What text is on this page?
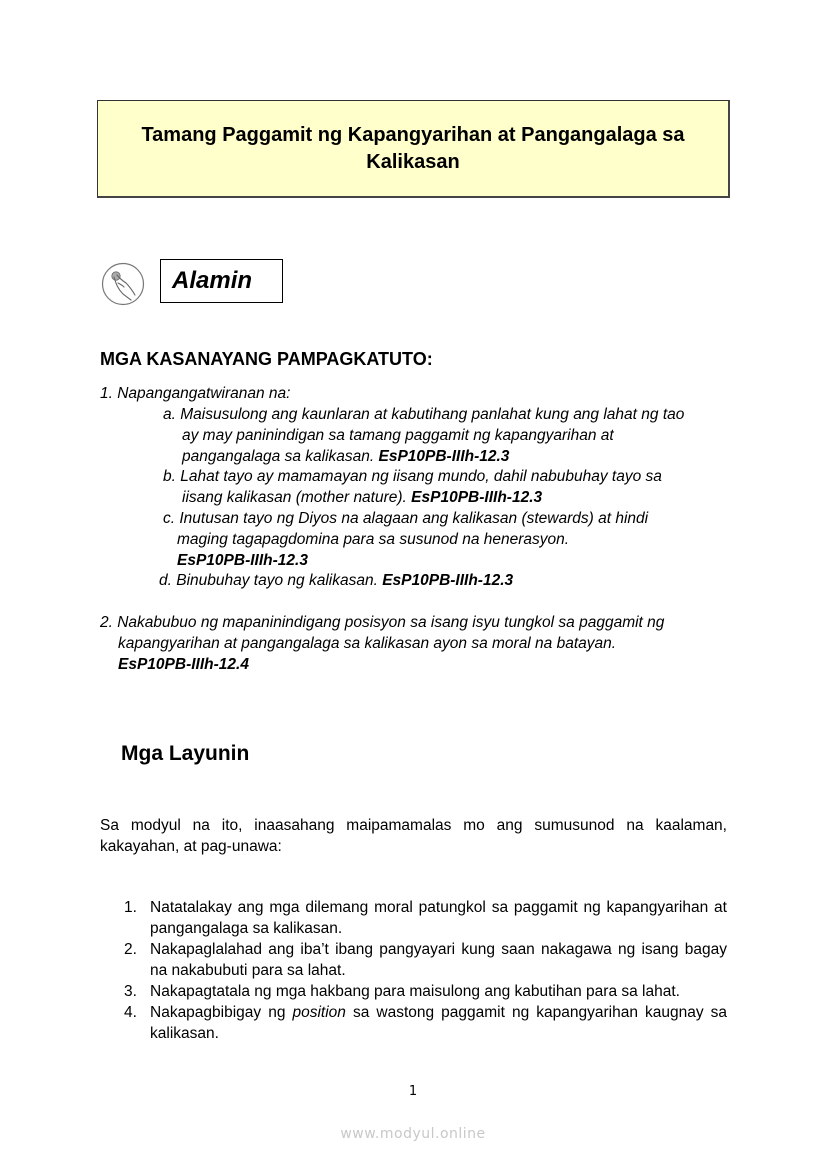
Tamang Paggamit ng Kapangyarihan at Pangangalaga sa Kalikasan
Alamin
MGA KASANAYANG PAMPAGKATUTO:
1. Napangangatwiranan na:
a. Maisusulong ang kaunlaran at kabutihang panlahat kung ang lahat ng tao
ay may paninindigan sa tamang paggamit ng kapangyarihan at
pangangalaga sa kalikasan. EsP10PB-IIIh-12.3
b. Lahat tayo ay mamamayan ng iisang mundo, dahil nabubuhay tayo sa
iisang kalikasan (mother nature). EsP10PB-IIIh-12.3
c. Inutusan tayo ng Diyos na alagaan ang kalikasan (stewards) at hindi
maging tagapagdomina para sa susunod na henerasyon.
EsP10PB-IIIh-12.3
d. Binubuhay tayo ng kalikasan. EsP10PB-IIIh-12.3
2. Nakabubuo ng mapaninindigang posisyon sa isang isyu tungkol sa paggamit ng
kapangyarihan at pangangalaga sa kalikasan ayon sa moral na batayan.
EsP10PB-IIIh-12.4
Mga Layunin
Sa modyul na ito, inaasahang maipamamalas mo ang sumusunod na kaalaman, kakayahan, at pag-unawa:
1. Natatalakay ang mga dilemang moral patungkol sa paggamit ng kapangyarihan at pangangalaga sa kalikasan.
2. Nakapaglalahad ang iba’t ibang pangyayari kung saan nakagawa ng isang bagay na nakabubuti para sa lahat.
3. Nakapagtatala ng mga hakbang para maisulong ang kabutihan para sa lahat.
4. Nakapagbibigay ng position sa wastong paggamit ng kapangyarihan kaugnay sa kalikasan.
1
www.modyul.online
